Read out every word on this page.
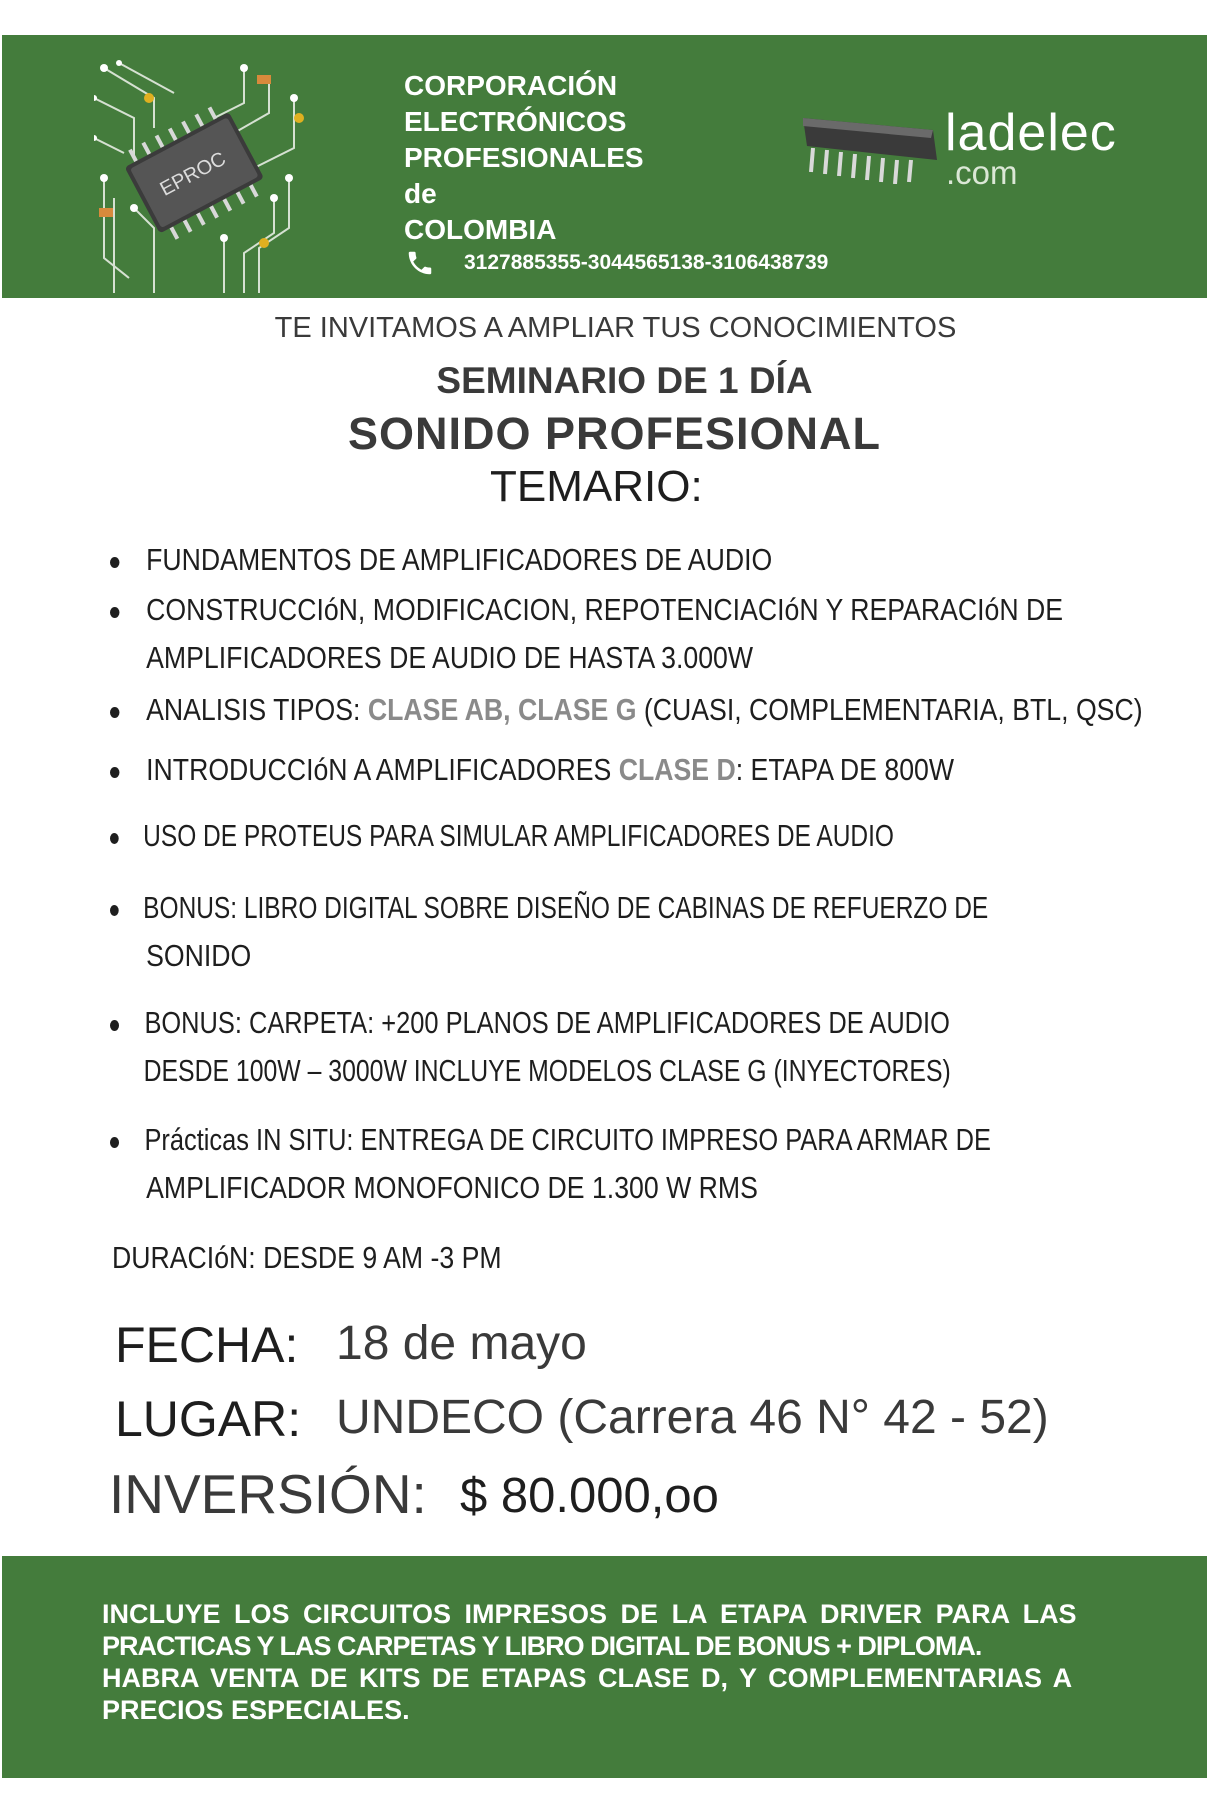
EPROC
CORPORACIÓN
ELECTRÓNICOS
PROFESIONALES
de
COLOMBIA
3127885355-3044565138-3106438739
ladelec
.com
TE INVITAMOS A AMPLIAR TUS CONOCIMIENTOS
SEMINARIO DE 1 DÍA
SONIDO PROFESIONAL
TEMARIO:
FUNDAMENTOS DE AMPLIFICADORES DE AUDIO
CONSTRUCCIóN, MODIFICACION, REPOTENCIACIóN Y REPARACIóN DE
AMPLIFICADORES DE AUDIO DE HASTA 3.000W
ANALISIS TIPOS: CLASE AB, CLASE G (CUASI, COMPLEMENTARIA, BTL, QSC)
INTRODUCCIóN A AMPLIFICADORES CLASE D: ETAPA DE 800W
USO DE PROTEUS PARA SIMULAR AMPLIFICADORES DE AUDIO
BONUS: LIBRO DIGITAL SOBRE DISEÑO DE CABINAS DE REFUERZO DE
SONIDO
BONUS: CARPETA: +200 PLANOS DE AMPLIFICADORES DE AUDIO
DESDE 100W – 3000W INCLUYE MODELOS CLASE G (INYECTORES)
Prácticas IN SITU: ENTREGA DE CIRCUITO IMPRESO PARA ARMAR DE
AMPLIFICADOR MONOFONICO DE 1.300 W RMS
DURACIóN: DESDE 9 AM -3 PM
FECHA: 18 de mayo
LUGAR: UNDECO (Carrera 46 N° 42 - 52)
INVERSIÓN: $ 80.000,oo
INCLUYE LOS CIRCUITOS IMPRESOS DE LA ETAPA DRIVER PARA LAS
PRACTICAS Y LAS CARPETAS Y LIBRO DIGITAL DE BONUS + DIPLOMA.
HABRA VENTA DE KITS DE ETAPAS CLASE D, Y COMPLEMENTARIAS A
PRECIOS ESPECIALES.
